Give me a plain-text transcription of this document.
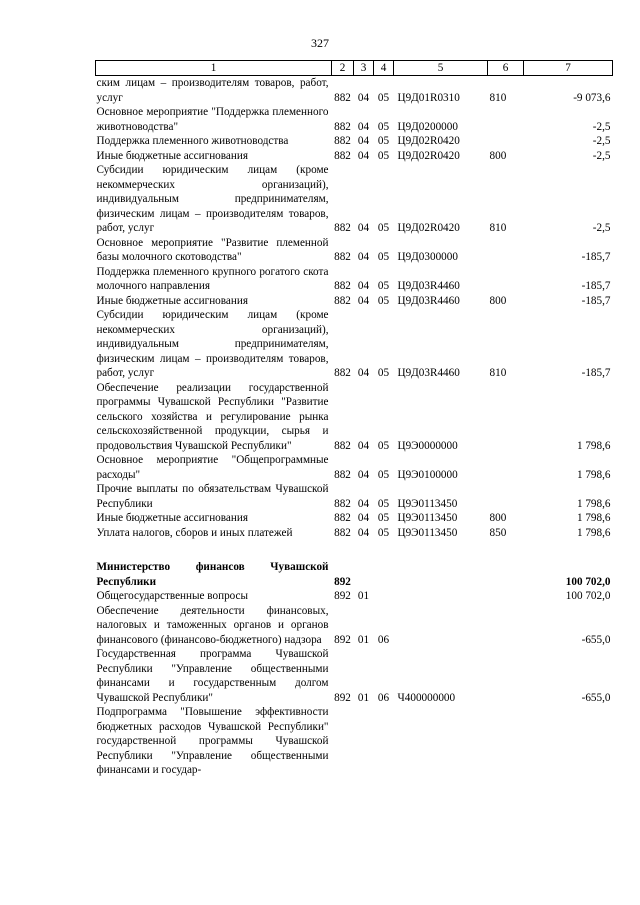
327
1	2	3	4	5	6	7
ским лицам – производителям товаров, работ, услуг	882	04	05	Ц9Д01R0310	810	-9 073,6
Основное мероприятие "Поддержка племенного животноводства"	882	04	05	Ц9Д0200000		-2,5
Поддержка племенного животноводства	882	04	05	Ц9Д02R0420		-2,5
Иные бюджетные ассигнования	882	04	05	Ц9Д02R0420	800	-2,5
Субсидии юридическим лицам (кроме некоммерческих организаций), индивидуальным предпринимателям, физическим лицам – производителям товаров, работ, услуг	882	04	05	Ц9Д02R0420	810	-2,5
Основное мероприятие "Развитие племенной базы молочного скотоводства"	882	04	05	Ц9Д0300000		-185,7
Поддержка племенного крупного рогатого скота молочного направления	882	04	05	Ц9Д03R4460		-185,7
Иные бюджетные ассигнования	882	04	05	Ц9Д03R4460	800	-185,7
Субсидии юридическим лицам (кроме некоммерческих организаций), индивидуальным предпринимателям, физическим лицам – производителям товаров, работ, услуг	882	04	05	Ц9Д03R4460	810	-185,7
Обеспечение реализации государственной программы Чувашской Республики "Развитие сельского хозяйства и регулирование рынка сельскохозяйственной продукции, сырья и продовольствия Чувашской Республики"	882	04	05	Ц9Э0000000		1 798,6
Основное мероприятие "Общепрограммные расходы"	882	04	05	Ц9Э0100000		1 798,6
Прочие выплаты по обязательствам Чувашской Республики	882	04	05	Ц9Э0113450		1 798,6
Иные бюджетные ассигнования	882	04	05	Ц9Э0113450	800	1 798,6
Уплата налогов, сборов и иных платежей	882	04	05	Ц9Э0113450	850	1 798,6

Министерство финансов Чувашской Республики	892					100 702,0
Общегосударственные вопросы	892	01				100 702,0
Обеспечение деятельности финансовых, налоговых и таможенных органов и органов финансового (финансово-бюджетного) надзора	892	01	06			-655,0
Государственная программа Чувашской Республики "Управление общественными финансами и государственным долгом Чувашской Республики"	892	01	06	Ч400000000		-655,0
Подпрограмма "Повышение эффективности бюджетных расходов Чувашской Республики" государственной программы Чувашской Республики "Управление общественными финансами и государ-						
